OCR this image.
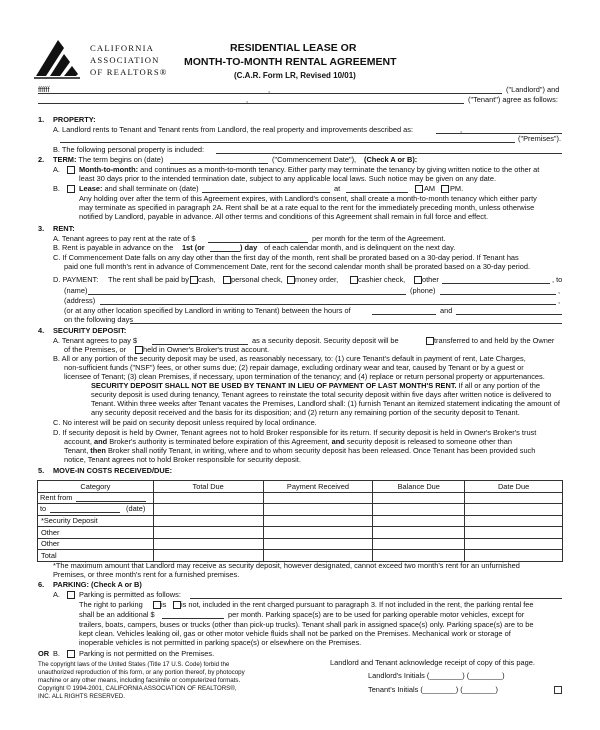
CALIFORNIA
ASSOCIATION
OF REALTORS®
RESIDENTIAL LEASE OR
MONTH-TO-MONTH RENTAL AGREEMENT
(C.A.R. Form LR, Revised 10/01)
ffffff	,	("Landlord") and
,	("Tenant") agree as follows:
1. PROPERTY:
A. Landlord rents to Tenant and Tenant rents from Landlord, the real property and improvements described as:	,
("Premises").
B. The following personal property is included:
2. TERM: The term begins on (date)	("Commencement Date"), (Check A or B):
A.	Month-to-month: and continues as a month-to-month tenancy. Either party may terminate the tenancy by giving written notice to the other at
least 30 days prior to the intended termination date, subject to any applicable local laws. Such notice may be given on any date.
B.	Lease: and shall terminate on (date)	at	AM PM.
Any holding over after the term of this Agreement expires, with Landlord's consent, shall create a month-to-month tenancy which either party
may terminate as specified in paragraph 2A. Rent shall be at a rate equal to the rent for the immediately preceding month, unless otherwise
notified by Landlord, payable in advance. All other terms and conditions of this Agreement shall remain in full force and effect.
3. RENT:
A. Tenant agrees to pay rent at the rate of $	per month for the term of the Agreement.
B. Rent is payable in advance on the 1st (or	) day of each calendar month, and is delinquent on the next day.
C. If Commencement Date falls on any day other than the first day of the month, rent shall be prorated based on a 30-day period. If Tenant has
paid one full month's rent in advance of Commencement Date, rent for the second calendar month shall be prorated based on a 30-day period.
D. PAYMENT: The rent shall be paid by cash, personal check, money order,	cashier check, other	, to
(name)	(phone)	,
(address)	,
(or at any other location specified by Landlord in writing to Tenant) between the hours of	and
on the following days
4. SECURITY DEPOSIT:
A. Tenant agrees to pay $	as a security deposit. Security deposit will be	transferred to and held by the Owner
of the Premises, or held in Owner's Broker's trust account.
B. All or any portion of the security deposit may be used, as reasonably necessary, to: (1) cure Tenant's default in payment of rent, Late Charges,
non-sufficient funds ("NSF") fees, or other sums due; (2) repair damage, excluding ordinary wear and tear, caused by Tenant or by a guest or
licensee of Tenant; (3) clean Premises, if necessary, upon termination of the tenancy; and (4) replace or return personal property or appurtenances.
SECURITY DEPOSIT SHALL NOT BE USED BY TENANT IN LIEU OF PAYMENT OF LAST MONTH'S RENT. If all or any portion of the
security deposit is used during tenancy, Tenant agrees to reinstate the total security deposit within five days after written notice is delivered to
Tenant. Within three weeks after Tenant vacates the Premises, Landlord shall: (1) furnish Tenant an itemized statement indicating the amount of
any security deposit received and the basis for its disposition; and (2) return any remaining portion of the security deposit to Tenant.
C. No interest will be paid on security deposit unless required by local ordinance.
D. If security deposit is held by Owner, Tenant agrees not to hold Broker responsible for its return. If security deposit is held in Owner's Broker's trust
account, and Broker's authority is terminated before expiration of this Agreement, and security deposit is released to someone other than
Tenant, then Broker shall notify Tenant, in writing, where and to whom security deposit has been released. Once Tenant has been provided such
notice, Tenant agrees not to hold Broker responsible for security deposit.
5. MOVE-IN COSTS RECEIVED/DUE:
Category	Total Due	Payment Received	Balance Due	Date Due

Rent from				

to (date)				

*Security Deposit				
Other				
Other				
Total				
*The maximum amount that Landlord may receive as security deposit, however designated, cannot exceed two month's rent for an unfurnished
Premises, or three month's rent for a furnished premises.
6. PARKING: (Check A or B)
A.	Parking is permitted as follows:
The right to parking is is not, included in the rent charged pursuant to paragraph 3. If not included in the rent, the parking rental fee
shall be an additional $	per month. Parking space(s) are to be used for parking operable motor vehicles, except for
trailers, boats, campers, buses or trucks (other than pick-up trucks). Tenant shall park in assigned space(s) only. Parking space(s) are to be
kept clean. Vehicles leaking oil, gas or other motor vehicle fluids shall not be parked on the Premises. Mechanical work or storage of
inoperable vehicles is not permitted in parking space(s) or elsewhere on the Premises.
OR B.	Parking is not permitted on the Premises.
The copyright laws of the United States (Title 17 U.S. Code) forbid the
unauthorized reproduction of this form, or any portion thereof, by photocopy
machine or any other means, including facsimile or computerized formats.
Copyright © 1994-2001, CALIFORNIA ASSOCIATION OF REALTORS®,
INC. ALL RIGHTS RESERVED.
Landlord and Tenant acknowledge receipt of copy of this page.
Landlord's Initials (________) (________)
Tenant's Initials (________) (________)
